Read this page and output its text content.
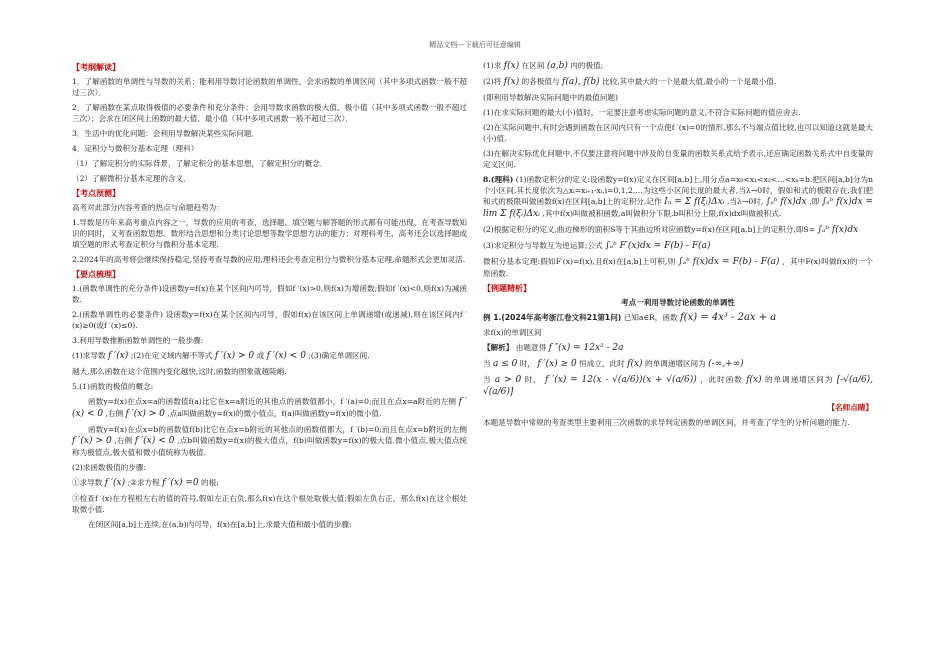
精品文档---下载后可任意编辑
【考纲解读】

1．了解函数的单调性与导数的关系；能利用导数讨论函数的单调性，会求函数的单调区间（其中多项式函数一般不超过三次）．

2．了解函数在某点取得极值的必要条件和充分条件；会用导数求函数的极大值、极小值（其中多项式函数一般不超过三次）；会求在闭区间上函数的最大值、最小值（其中多项式函数一般不超过三次）．

3．生活中的优化问题：会利用导数解决某些实际问题．

4．定积分与微积分基本定理（理科）

（1）了解定积分的实际背景，了解定积分的基本思想，了解定积分的概念．

（2）了解微积分基本定理的含义．

【考点预测】

高考对此部分内容考查的热点与命题趋势为：

1.导数是历年来高考重点内容之一，导数的应用的考查，选择题、填空题与解答题的形式都有可能出现，在考查导数知识的同时，又考查函数思想、数形结合思想和分类讨论思想等数学思想方法的能力；对理科考生，高考还会以选择题或填空题的形式考查定积分与微积分基本定理.

2.2024年的高考将会继续保持稳定,坚持考查导数的应用,理科还会考查定积分与微积分基本定理,命题形式会更加灵活.

【要点梳理】

1.(函数单调性的充分条件)设函数y=f(x)在某个区间内可导，假如f ′(x)>0,则f(x)为增函数;假如f ′(x)<0,则f(x)为减函数.

2.(函数单调性的必要条件) 设函数y=f(x)在某个区间内可导，假如f(x)在该区间上单调递增(或递减),则在该区间内f ′(x)≥0(或f ′(x)≤0).

3.利用导数推断函数单调性的一般步骤:

(1)求导数 f ′(x) ;(2)在定义域内解不等式 f ′(x) > 0 或 f ′(x) < 0 ;(3)确定单调区间.

越大,那么函数在这个范围内变化越快,这时,函数的图象就越陡峭.

5.(1)函数的极值的概念:

函数y=f(x)在点x=a的函数值f(a)比它在x=a附近的其他点的函数值都小，f ′(a)=0;而且在点x=a附近的左侧 f ′(x) < 0 ,右侧 f ′(x) > 0 ,点a叫做函数y=f(x)的微小值点，f(a)叫做函数y=f(x)的微小值.

函数y=f(x)在点x=b的函数值f(b)比它在点x=b附近的其他点的函数值都大，f ′(b)=0;而且在点x=b附近的左侧 f ′(x) > 0 ,右侧 f ′(x) < 0 ,点b叫做函数y=f(x)的极大值点，f(b)叫做函数y=f(x)的极大值.微小值点,极大值点统称为极值点,极大值和微小值统称为极值.

(2)求函数极值的步骤:

①求导数 f ′(x) ;②求方程 f ′(x) =0 的根;

③检查f ′(x)在方程根左右的值的符号,假如左正右负,那么f(x)在这个根处取极大值;假如左负右正，那么f(x)在这个根处取微小值.

在闭区间[a,b]上连续,在(a,b)内可导，f(x)在[a,b]上,求最大值和最小值的步骤:

(1)求 f(x) 在区间 (a,b) 内的极值;

(2)将 f(x) 的各极值与 f(a), f(b) 比较,其中最大的一个是最大值,最小的一个是最小值.

(即利用导数解决实际问题中的最值问题)

(1)在求实际问题的最大(小)值时，一定要注意考虑实际问题的意义,不符合实际问题的值应舍去.

(2)在实际问题中,有时会遇到函数在区间内只有一个点使f ′(x)=0的情形,那么不与端点值比较,也可以知道这就是最大(小)值.

(3)在解决实际优化问题中,不仅要注意将问题中涉及的自变量的函数关系式给予表示,还应确定函数关系式中自变量的定义区间.

8.(理科) (1)函数定积分的定义:设函数y=f(x)定义在区间[a,b]上,用分点a=x₀<x₁<x₂<…<xₙ=b.把区间[a,b]分为n个小区间,其长度依次为△xᵢ=xᵢ₊₁-xᵢ,i=0,1,2,…为这些小区间长度的最大者,当λ→0时，假如和式的极限存在,我们把和式的极限叫做函数f(x)在区间[a,b]上的定积分,记作 Iₙ = Σ f(ξᵢ)Δxᵢ ,当λ→0时, ∫ₐᵇ f(x)dx ,即 ∫ₐᵇ f(x)dx = lim Σ f(ξᵢ)Δxᵢ ,其中f(x)叫做被积函数,a叫做积分下限,b叫积分上限,f(x)dx叫做被积式.

(2)根据定积分的定义,曲边梯形的面积S等于其曲边所对应函数y=f(x)在区间[a,b]上的定积分,即S= ∫ₐᵇ f(x)dx

(3)求定积分与导数互为逆运算;公式 ∫ₐᵇ F′(x)dx = F(b) - F(a)

微积分基本定理:假如F′(x)=f(x),且f(x)在[a,b]上可积,则 ∫ₐᵇ f(x)dx = F(b) - F(a) ，其中F(x)叫做f(x)的一个原函数.

【例题精析】

考点一利用导数讨论函数的单调性

例 1.(2024年高考浙江卷文科21第1问) 已知a∈R，函数 f(x) = 4x³ - 2ax + a

求f(x)的单调区间

【解析】 由题意得 f ″(x) = 12x² - 2a

当 a ≤ 0 时， f ′(x) ≥ 0 恒成立，此时 f(x) 的单调递增区间为 (-∞,+∞)

当 a > 0 时， f ′(x) = 12(x - √(a/6))(x + √(a/6)) ，此时函数 f(x) 的单调递增区间为 [-√(a/6), √(a/6)]

【名师点睛】

本题是导数中常规的考查类型主要利用三次函数的求导判定函数的单调区间，并考查了学生的分析问题的能力.
